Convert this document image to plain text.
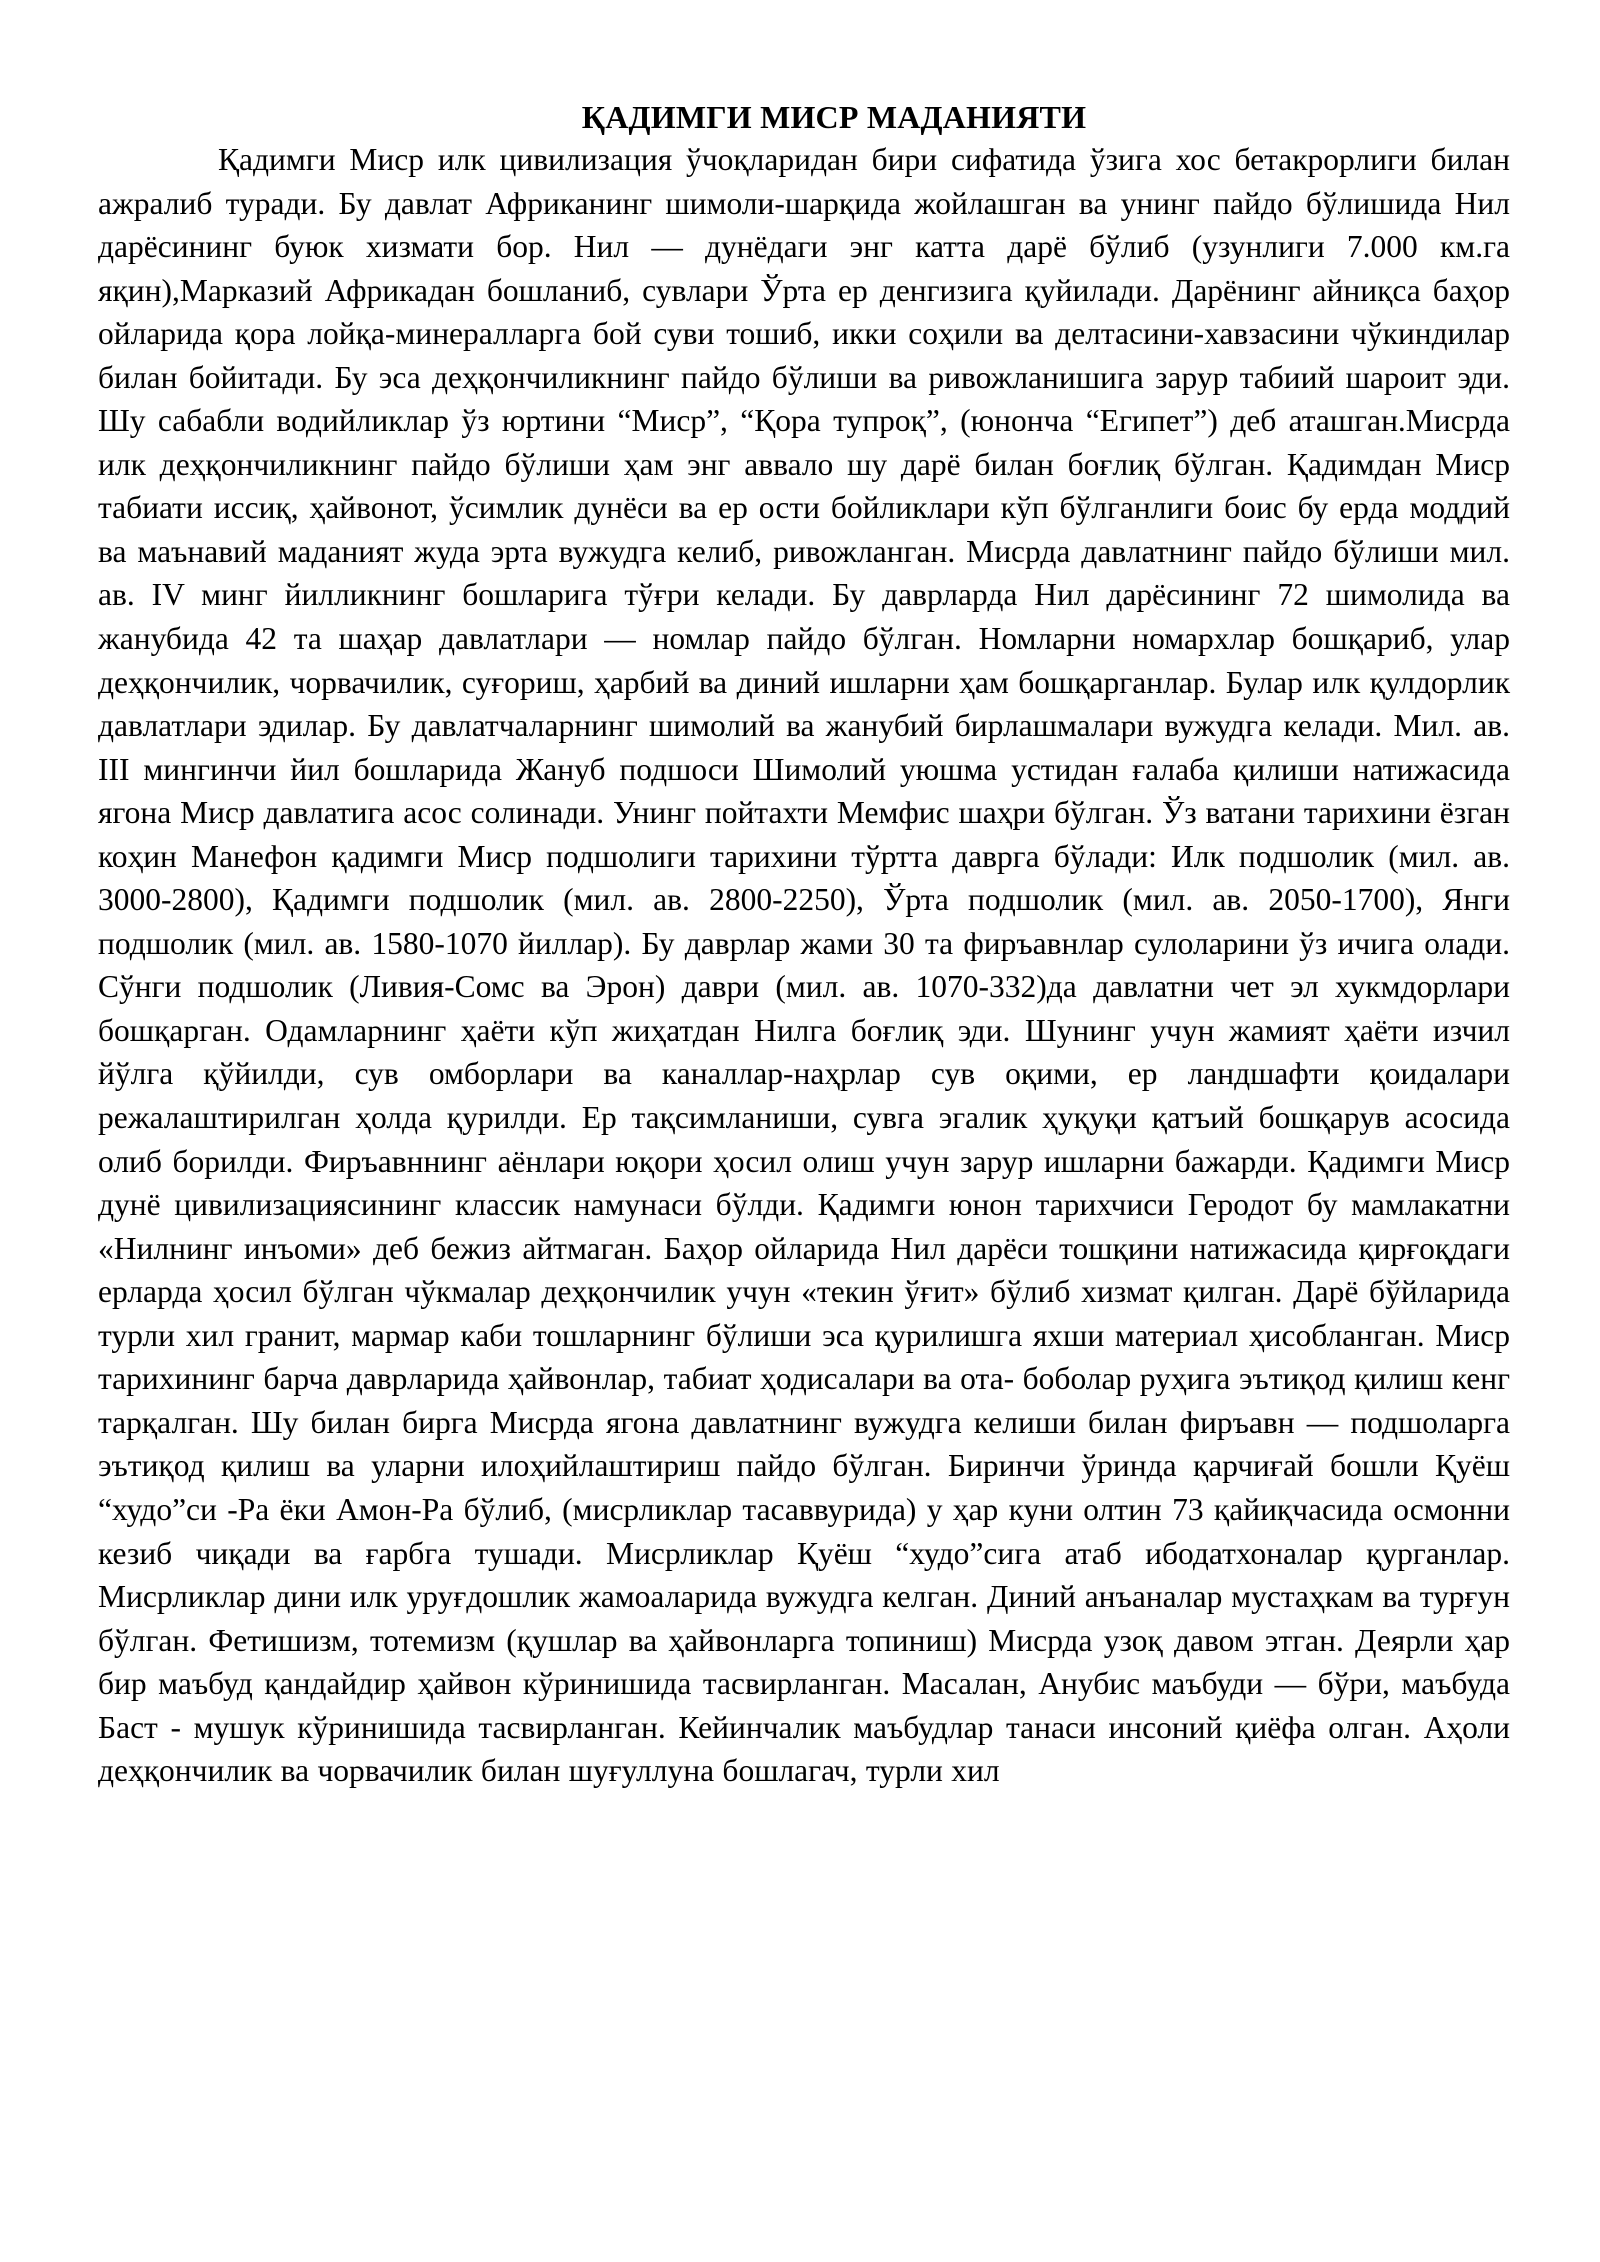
ҚАДИМГИ МИСР МАДАНИЯТИ

Қадимги Миср илк цивилизация ўчоқларидан бири сифатида ўзига хос бетакрорлиги билан ажралиб туради. Бу давлат Африканинг шимоли-шарқида жойлашган ва унинг пайдо бўлишида Нил дарёсининг буюк хизмати бор. Нил — дунёдаги энг катта дарё бўлиб (узунлиги 7.000 км.га яқин),Марказий Африкадан бошланиб, сувлари Ўрта ер денгизига қуйилади. Дарёнинг айниқса баҳор ойларида қора лойқа-минералларга бой суви тошиб, икки соҳили ва делтасини-хавзасини чўкиндилар билан бойитади. Бу эса деҳқончиликнинг пайдо бўлиши ва ривожланишига зарур табиий шароит эди. Шу сабабли водийликлар ўз юртини “Миср”, “Қора тупроқ”, (юнонча “Египет”) деб аташган.Мисрда илк деҳқончиликнинг пайдо бўлиши ҳам энг аввало шу дарё билан боғлиқ бўлган. Қадимдан Миср табиати иссиқ, ҳайвонот, ўсимлик дунёси ва ер ости бойликлари кўп бўлганлиги боис бу ерда моддий ва маънавий маданият жуда эрта вужудга келиб, ривожланган. Мисрда давлатнинг пайдо бўлиши мил. ав. IV минг йилликнинг бошларига тўғри келади. Бу даврларда Нил дарёсининг 72 шимолида ва жанубида 42 та шаҳар давлатлари — номлар пайдо бўлган. Номларни номархлар бошқариб, улар деҳқончилик, чорвачилик, суғориш, ҳарбий ва диний ишларни ҳам бошқарганлар. Булар илк қулдорлик давлатлари эдилар. Бу давлатчаларнинг шимолий ва жанубий бирлашмалари вужудга келади. Мил. ав. III мингинчи йил бошларида Жануб подшоси Шимолий уюшма устидан ғалаба қилиши натижасида ягона Миср давлатига асос солинади. Унинг пойтахти Мемфис шаҳри бўлган. Ўз ватани тарихини ёзган коҳин Манефон қадимги Миср подшолиги тарихини тўртта даврга бўлади: Илк подшолик (мил. ав. 3000-2800), Қадимги подшолик (мил. ав. 2800-2250), Ўрта подшолик (мил. ав. 2050-1700), Янги подшолик (мил. ав. 1580-1070 йиллар). Бу даврлар жами 30 та фиръавнлар сулоларини ўз ичига олади. Сўнги подшолик (Ливия-Сомс ва Эрон) даври (мил. ав. 1070-332)да давлатни чет эл хукмдорлари бошқарган. Одамларнинг ҳаёти кўп жиҳатдан Нилга боғлиқ эди. Шунинг учун жамият ҳаёти изчил йўлга қўйилди, сув омборлари ва каналлар-наҳрлар сув оқими, ер ландшафти қоидалари режалаштирилган ҳолда қурилди. Ер тақсимланиши, сувга эгалик ҳуқуқи қатъий бошқарув асосида олиб борилди. Фиръавннинг аёнлари юқори ҳосил олиш учун зарур ишларни бажарди. Қадимги Миср дунё цивилизациясининг классик намунаси бўлди. Қадимги юнон тарихчиси Геродот бу мамлакатни «Нилнинг инъоми» деб бежиз айтмаган. Баҳор ойларида Нил дарёси тошқини натижасида қирғоқдаги ерларда ҳосил бўлган чўкмалар деҳқончилик учун «текин ўғит» бўлиб хизмат қилган. Дарё бўйларида турли хил гранит, мармар каби тошларнинг бўлиши эса қурилишга яхши материал ҳисобланган. Миср тарихининг барча даврларида ҳайвонлар, табиат ҳодисалари ва ота- боболар руҳига эътиқод қилиш кенг тарқалган. Шу билан бирга Мисрда ягона давлатнинг вужудга келиши билан фиръавн — подшоларга эътиқод қилиш ва уларни илоҳийлаштириш пайдо бўлган. Биринчи ўринда қарчиғай бошли Қуёш “худо”си -Ра ёки Амон-Ра бўлиб, (мисрликлар тасаввурида) у ҳар куни олтин 73 қайиқчасида осмонни кезиб чиқади ва ғарбга тушади. Мисрликлар Қуёш “худо”сига атаб ибодатхоналар қурганлар. Мисрликлар дини илк уруғдошлик жамоаларида вужудга келган. Диний анъаналар мустаҳкам ва турғун бўлган. Фетишизм, тотемизм (қушлар ва ҳайвонларга топиниш) Мисрда узоқ давом этган. Деярли ҳар бир маъбуд қандайдир ҳайвон кўринишида тасвирланган. Масалан, Анубис маъбуди — бўри, маъбуда Баст - мушук кўринишида тасвирланган. Кейинчалик маъбудлар танаси инсоний қиёфа олган. Аҳоли деҳқончилик ва чорвачилик билан шуғуллуна бошлагач, турли хил
